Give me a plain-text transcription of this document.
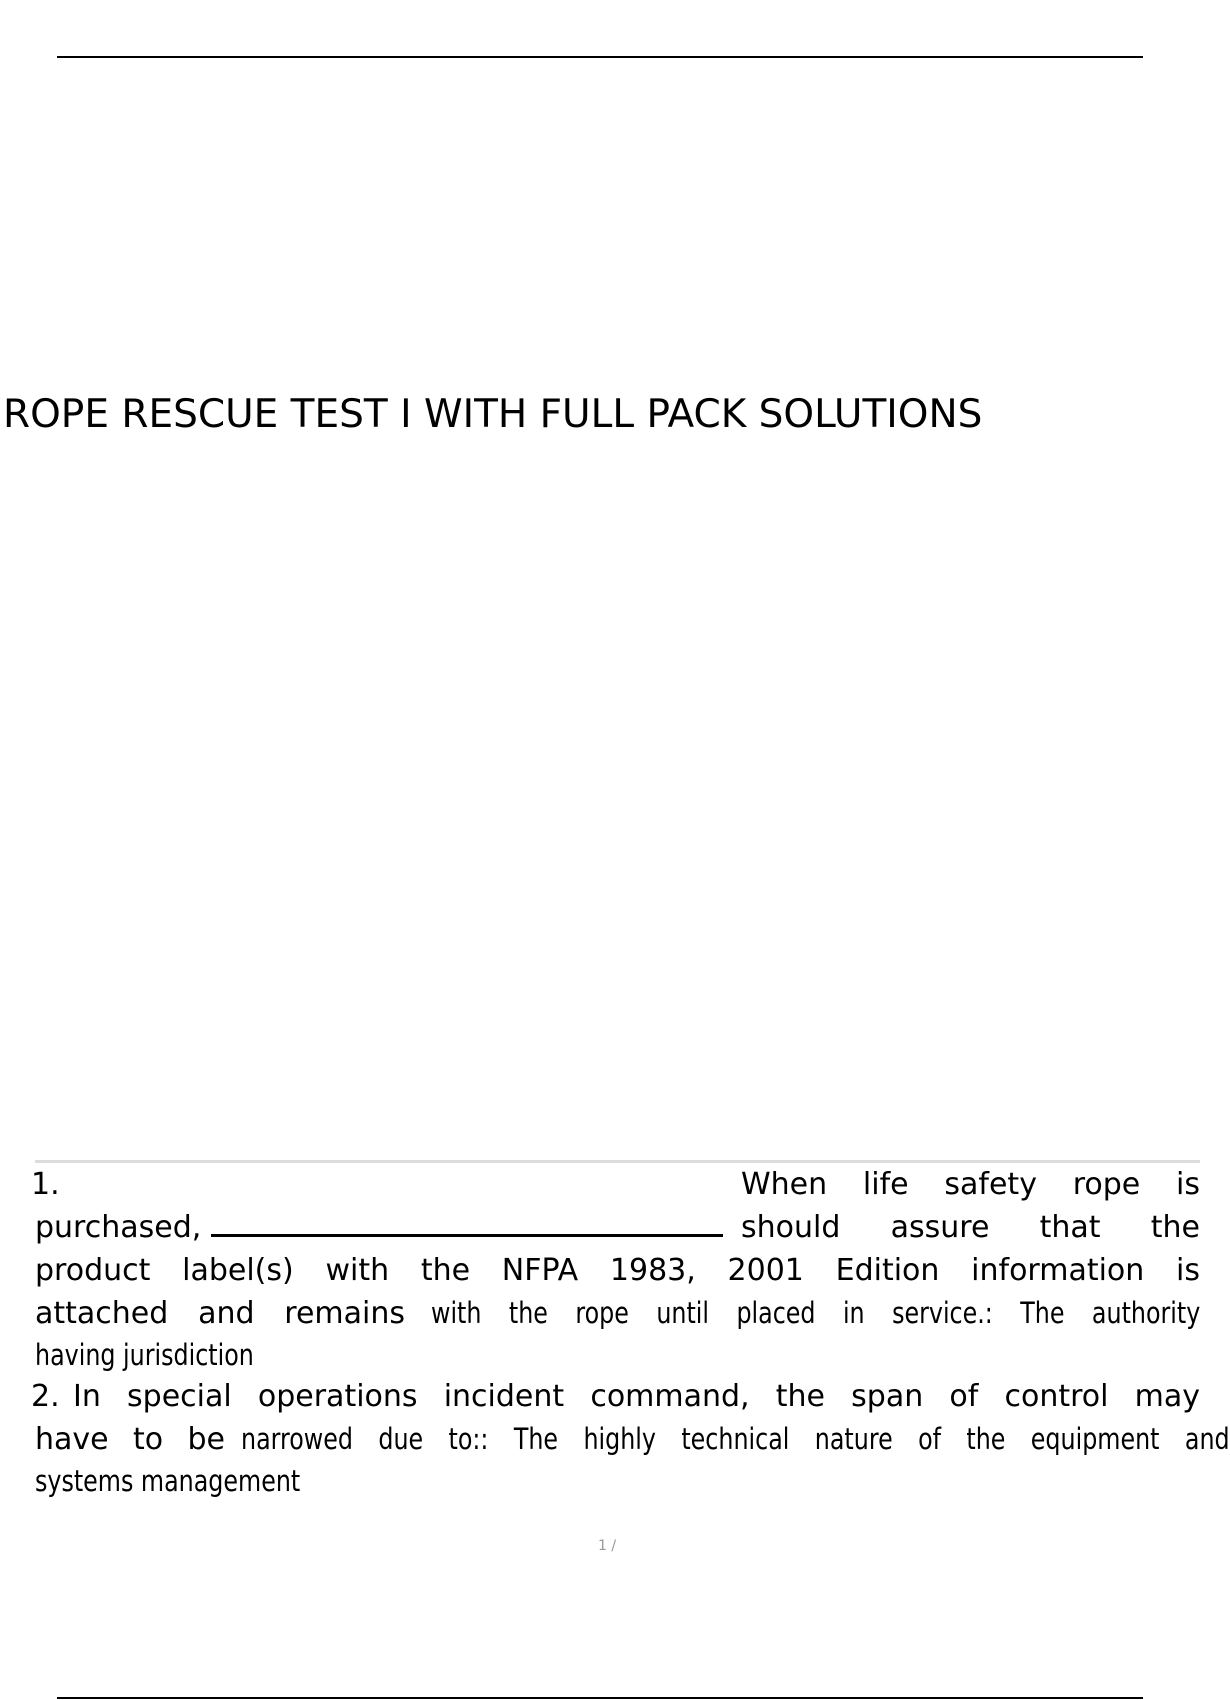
ROPE RESCUE TEST I WITH FULL PACK SOLUTIONS
1.	When life safety rope is
purchased,	should assure that the
product label(s) with the NFPA 1983, 2001 Edition information is
attached and remains with the rope until placed in service.: The authority
having jurisdiction
2. In special operations incident command, the span of control may
have to be narrowed due to:: The highly technical nature of the equipment and
systems management
1 /
